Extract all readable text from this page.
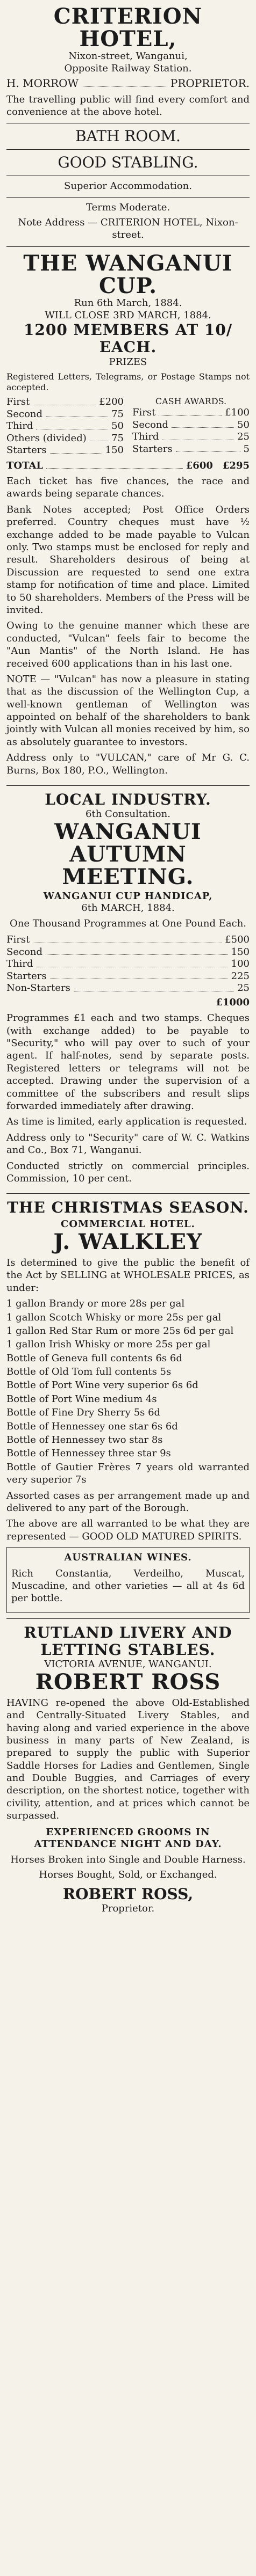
CRITERION HOTEL,
Nixon-street, Wanganui,
Opposite Railway Station.
H. MORROW	PROPRIETOR.

The travelling public will find every comfort and convenience at the above hotel.

BATH ROOM.
GOOD STABLING.
Superior Accommodation.
Terms Moderate.
Note Address — CRITERION HOTEL, Nixon-street.
THE WANGANUI CUP.
Run 6th March, 1884.
WILL CLOSE 3RD MARCH, 1884.
1200 MEMBERS AT 10/ EACH.
PRIZES

Registered Letters, Telegrams, or Postage Stamps not accepted.

First	£200
Second	75
Third	50
Others (divided)	75
Starters	150
CASH AWARDS.
First	£100
Second	50
Third	25
Starters	5
TOTAL	£600 £295

Each ticket has five chances, the race and awards being separate chances.

Bank Notes accepted; Post Office Orders preferred. Country cheques must have ½ exchange added to be made payable to Vulcan only. Two stamps must be enclosed for reply and result. Shareholders desirous of being at Discussion are requested to send one extra stamp for notification of time and place. Limited to 50 shareholders. Members of the Press will be invited.

Owing to the genuine manner which these are conducted, "Vulcan" feels fair to become the "Aun Mantis" of the North Island. He has received 600 applications than in his last one.

NOTE — "Vulcan" has now a pleasure in stating that as the discussion of the Wellington Cup, a well-known gentleman of Wellington was appointed on behalf of the shareholders to bank jointly with Vulcan all monies received by him, so as absolutely guarantee to investors.

Address only to "VULCAN," care of Mr G. C. Burns, Box 180, P.O., Wellington.

LOCAL INDUSTRY.
6th Consultation.
WANGANUI AUTUMN MEETING.
WANGANUI CUP HANDICAP,
6th MARCH, 1884.
One Thousand Programmes at One Pound Each.
First	£500
Second	150
Third	100
Starters	225
Non-Starters	25
£1000

Programmes £1 each and two stamps. Cheques (with exchange added) to be payable to "Security," who will pay over to such of your agent. If half-notes, send by separate posts. Registered letters or telegrams will not be accepted. Drawing under the supervision of a committee of the subscribers and result slips forwarded immediately after drawing.

As time is limited, early application is requested.

Address only to "Security" care of W. C. Watkins and Co., Box 71, Wanganui.

Conducted strictly on commercial principles. Commission, 10 per cent.

THE CHRISTMAS SEASON.
COMMERCIAL HOTEL.
J. WALKLEY

Is determined to give the public the benefit of the Act by SELLING at WHOLESALE PRICES, as under:

1 gallon Brandy or more 28s per gal

1 gallon Scotch Whisky or more 25s per gal

1 gallon Red Star Rum or more 25s 6d per gal

1 gallon Irish Whisky or more 25s per gal

Bottle of Geneva full contents 6s 6d

Bottle of Old Tom full contents 5s

Bottle of Port Wine very superior 6s 6d

Bottle of Port Wine medium 4s

Bottle of Fine Dry Sherry 5s 6d

Bottle of Hennessey one star 6s 6d

Bottle of Hennessey two star 8s

Bottle of Hennessey three star 9s

Bottle of Gautier Frères 7 years old warranted very superior 7s

Assorted cases as per arrangement made up and delivered to any part of the Borough.

The above are all warranted to be what they are represented — GOOD OLD MATURED SPIRITS.

AUSTRALIAN WINES.

Rich Constantia, Verdeilho, Muscat, Muscadine, and other varieties — all at 4s 6d per bottle.

RUTLAND LIVERY AND LETTING STABLES.
VICTORIA AVENUE, WANGANUI.
ROBERT ROSS

HAVING re-opened the above Old-Established and Centrally-Situated Livery Stables, and having along and varied experience in the above business in many parts of New Zealand, is prepared to supply the public with Superior Saddle Horses for Ladies and Gentlemen, Single and Double Buggies, and Carriages of every description, on the shortest notice, together with civility, attention, and at prices which cannot be surpassed.

EXPERIENCED GROOMS IN ATTENDANCE NIGHT AND DAY.
Horses Broken into Single and Double Harness.
Horses Bought, Sold, or Exchanged.
ROBERT ROSS,
Proprietor.
